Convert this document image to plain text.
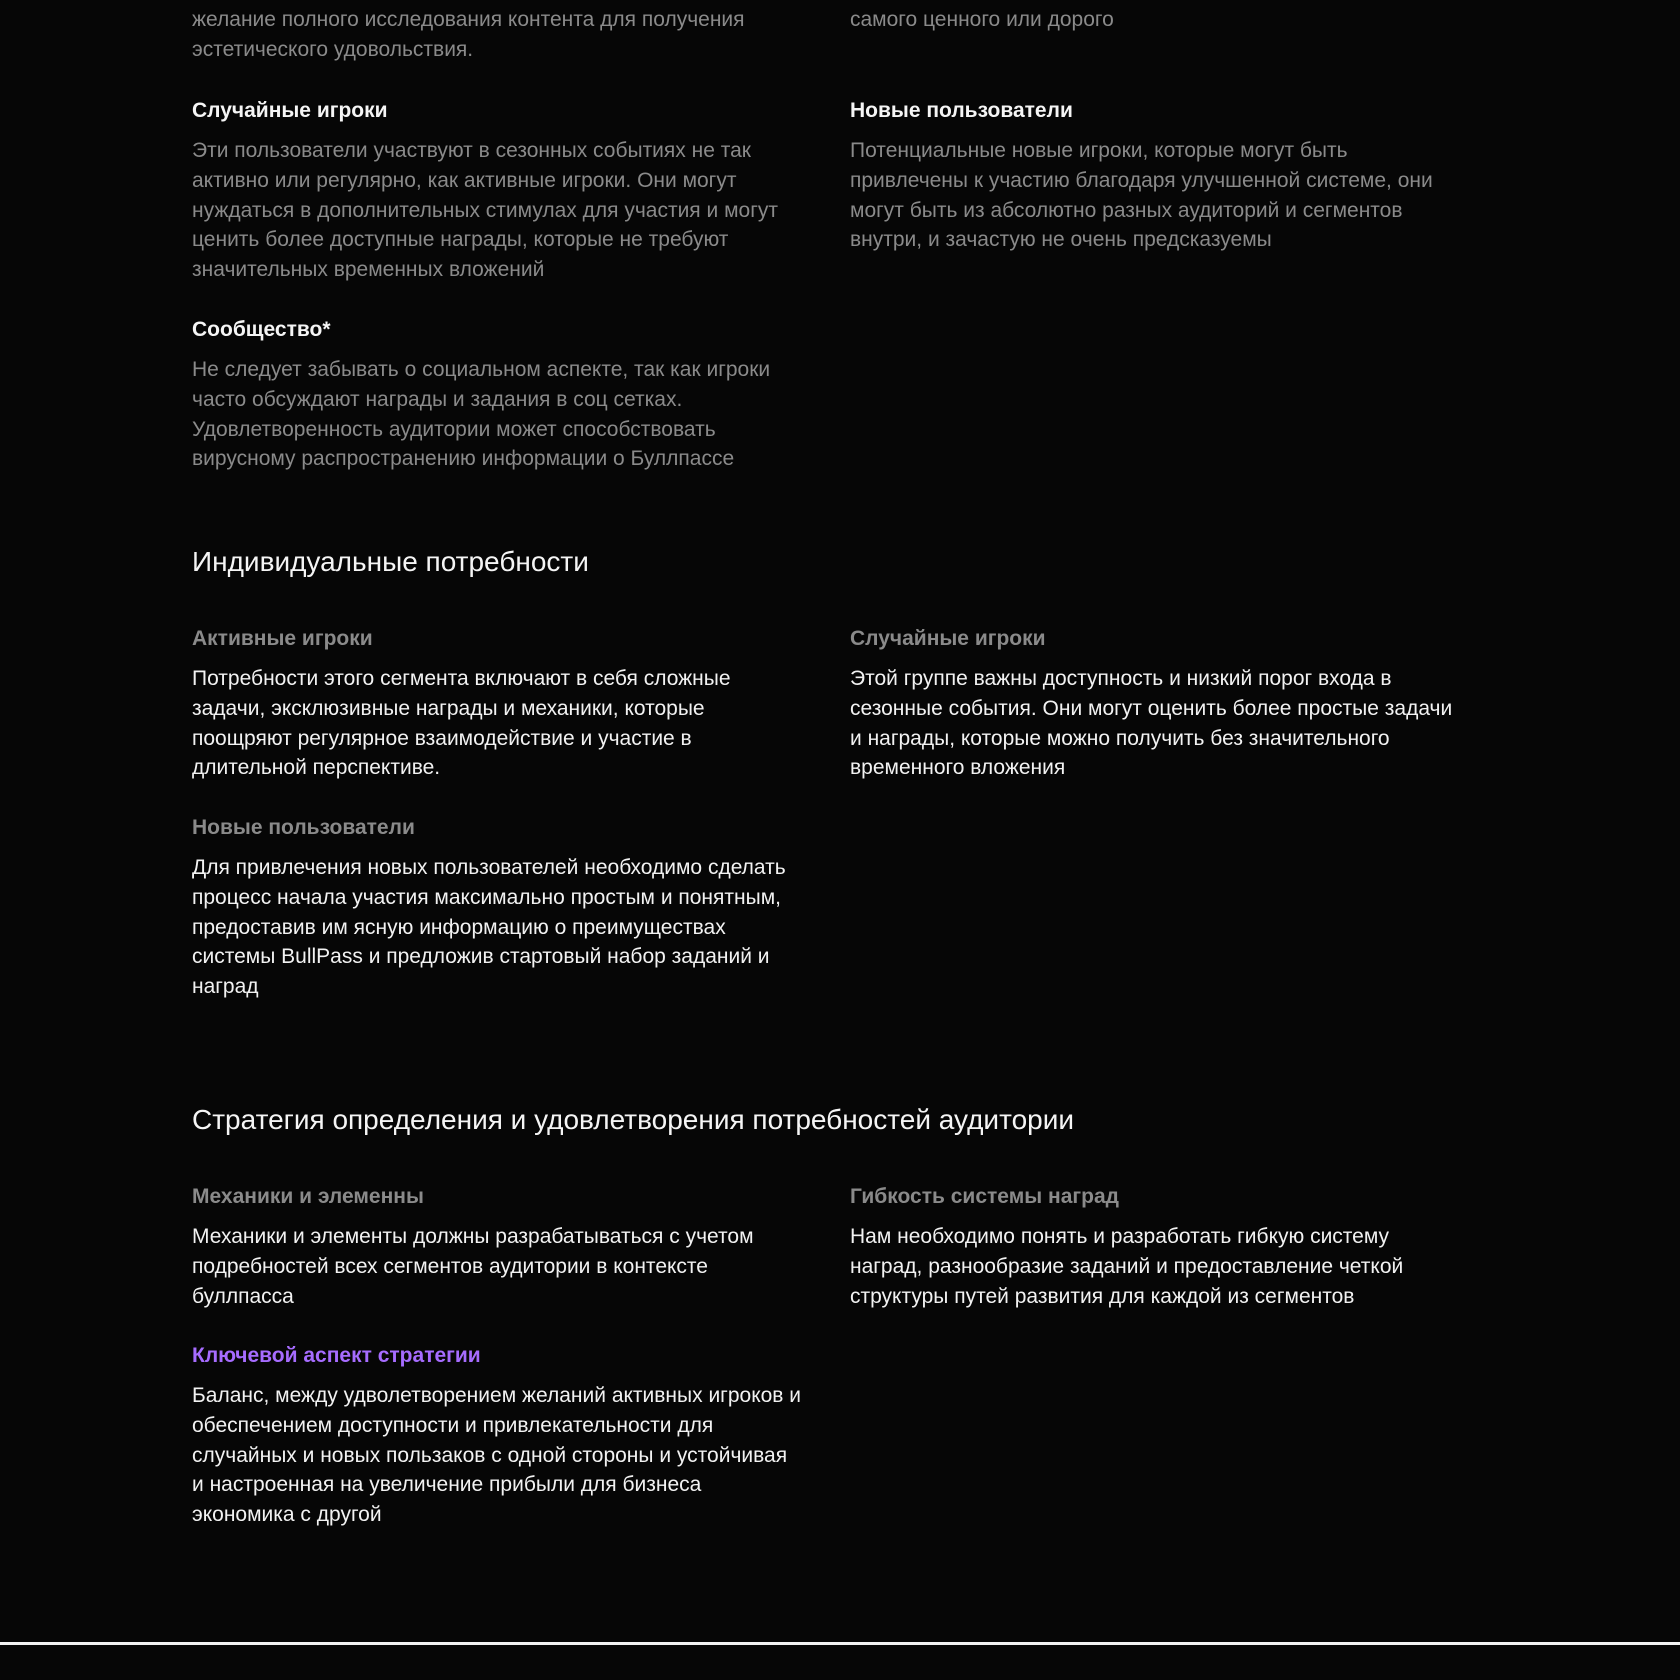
желание полного исследования контента для получения эстетического удовольствия.

самого ценного или дорого

Случайные игроки

Эти пользователи участвуют в сезонных событиях не так активно или регулярно, как активные игроки. Они могут нуждаться в дополнительных стимулах для участия и могут ценить более доступные награды, которые не требуют значительных временных вложений

Новые пользователи

Потенциальные новые игроки, которые могут быть привлечены к участию благодаря улучшенной системе, они могут быть из абсолютно разных аудиторий и сегментов внутри, и зачастую не очень предсказуемы

Сообщество*

Не следует забывать о социальном аспекте, так как игроки часто обсуждают награды и задания в соц сетках. Удовлетворенность аудитории может способствовать вирусному распространению информации о Буллпассе

Индивидуальные потребности
Активные игроки

Потребности этого сегмента включают в себя сложные задачи, эксклюзивные награды и механики, которые поощряют регулярное взаимодействие и участие в длительной перспективе.

Случайные игроки

Этой группе важны доступность и низкий порог входа в сезонные события. Они могут оценить более простые задачи и награды, которые можно получить без значительного временного вложения

Новые пользователи

Для привлечения новых пользователей необходимо сделать процесс начала участия максимально простым и понятным, предоставив им ясную информацию о преимуществах системы BullPass и предложив стартовый набор заданий и наград

Стратегия определения и удовлетворения потребностей аудитории
Механики и элеменны

Механики и элементы должны разрабатываться с учетом подребностей всех сегментов аудитории в контексте буллпасса

Гибкость системы наград

Нам необходимо понять и разработать гибкую систему наград, разнообразие заданий и предоставление четкой структуры путей развития для каждой из сегментов

Ключевой аспект стратегии

Баланс, между удволетворением желаний активных игроков и обеспечением доступности и привлекательности для случайных и новых пользаков с одной стороны и устойчивая и настроенная на увеличение прибыли для бизнеса экономика с другой
